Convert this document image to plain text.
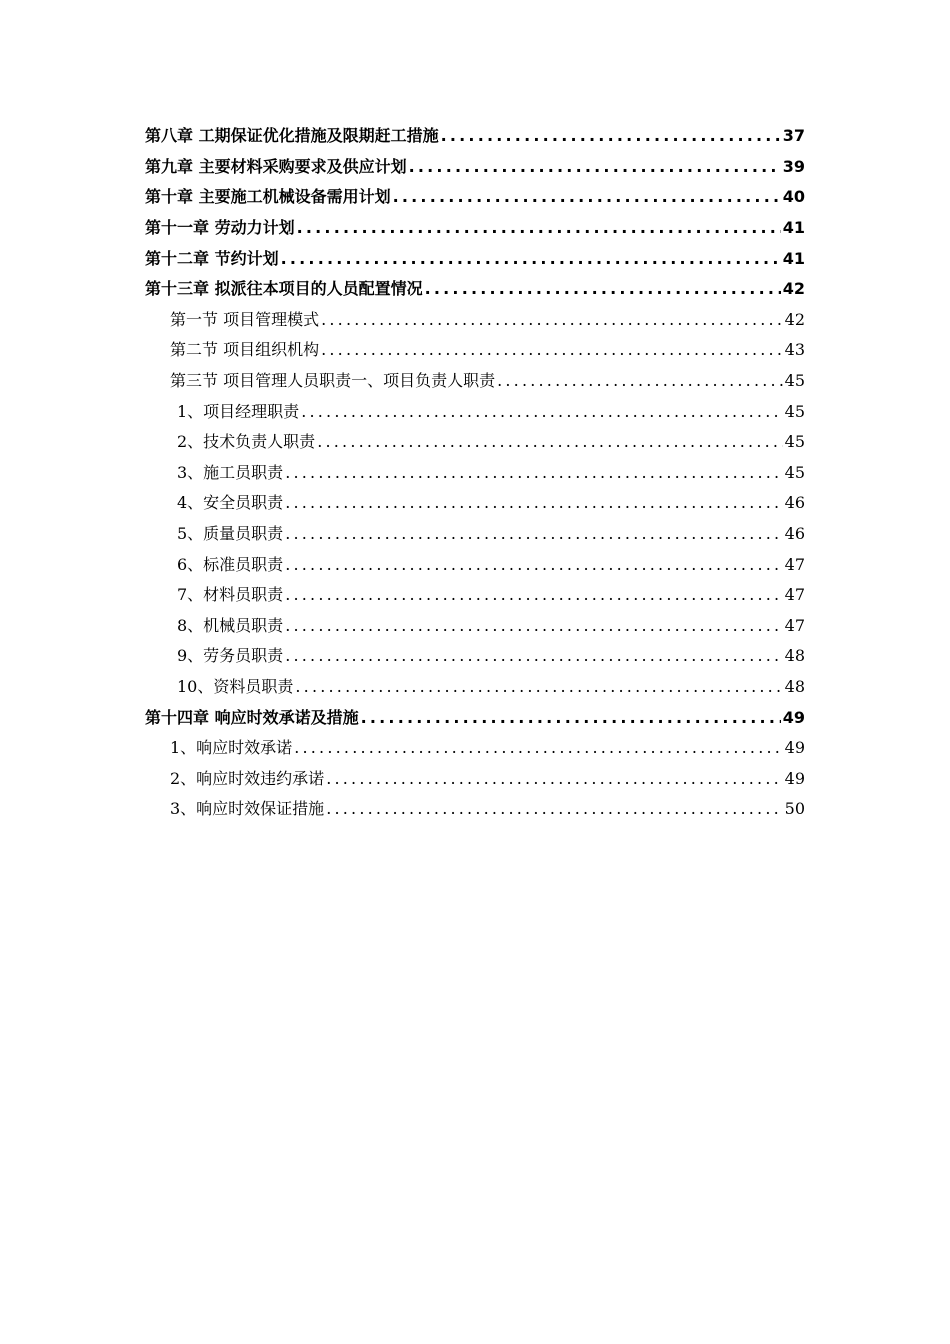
第八章 工期保证优化措施及限期赶工措施 .....	37
第九章 主要材料采购要求及供应计划 .....	39
第十章 主要施工机械设备需用计划 .....	40
第十一章 劳动力计划 .....	41
第十二章 节约计划 .....	41
第十三章 拟派往本项目的人员配置情况 .....	42
第一节 项目管理模式 .....	42
第二节 项目组织机构 .....	43
第三节 项目管理人员职责一、项目负责人职责 .....	45
1、项目经理职责 .....	45
2、技术负责人职责 .....	45
3、施工员职责 .....	45
4、安全员职责 .....	46
5、质量员职责 .....	46
6、标准员职责 .....	47
7、材料员职责 .....	47
8、机械员职责 .....	47
9、劳务员职责 .....	48
10、资料员职责 .....	48
第十四章 响应时效承诺及措施 .....	49
1、响应时效承诺 .....	49
2、响应时效违约承诺 .....	49
3、响应时效保证措施 .....	50
